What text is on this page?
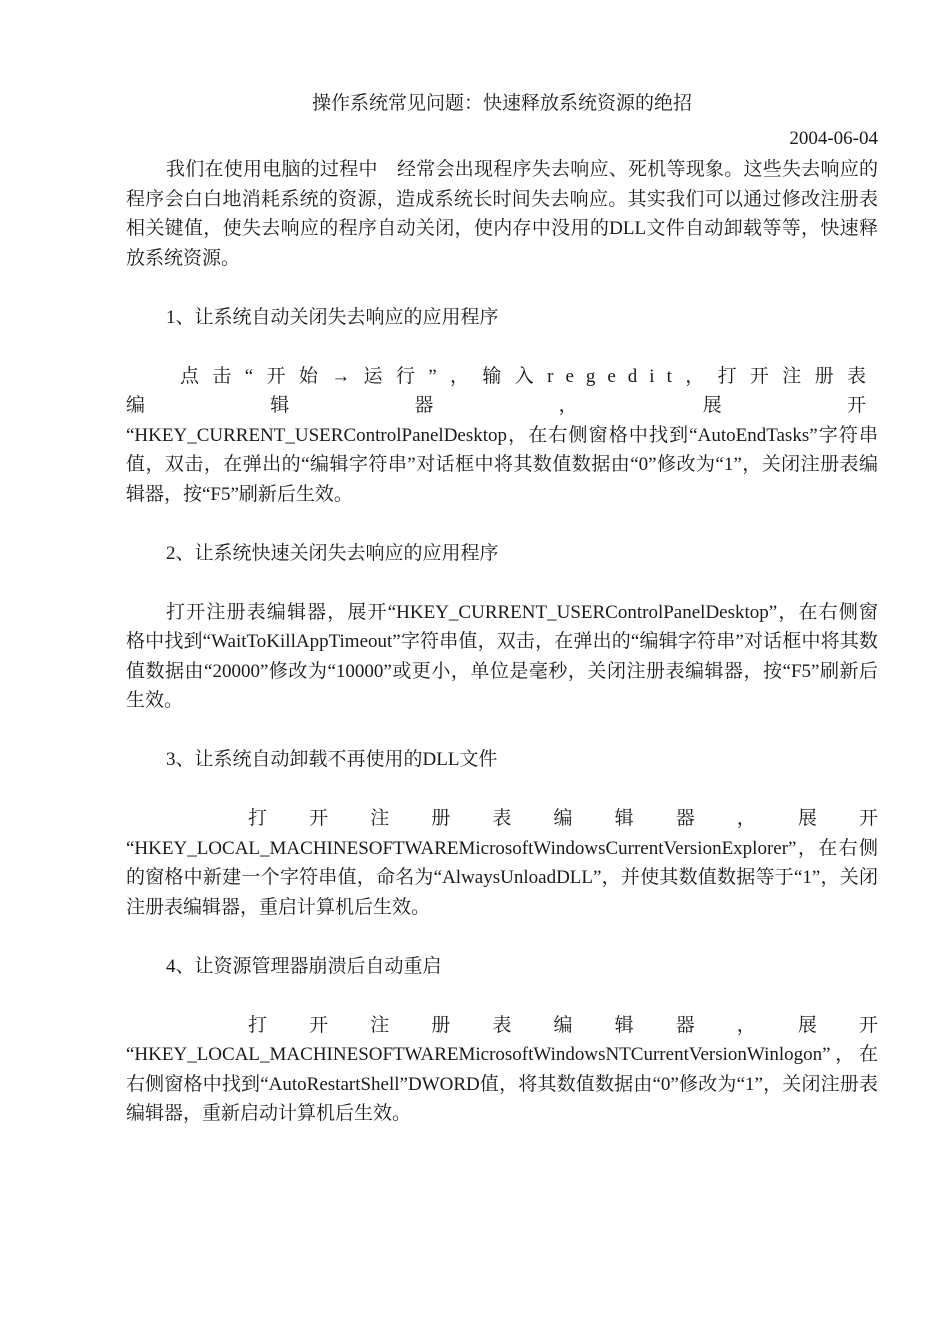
操作系统常见问题：快速释放系统资源的绝招

2004-06-04

我们在使用电脑的过程中　经常会出现程序失去响应、死机等现象。这些失去响应的程序会白白地消耗系统的资源，造成系统长时间失去响应。其实我们可以通过修改注册表相关键值，使失去响应的程序自动关闭，使内存中没用的DLL文件自动卸载等等，快速释放系统资源。

1、让系统自动关闭失去响应的应用程序

点击“开始→运行”，输入regedit，打开注册表编辑器，展开

“HKEY_CURRENT_USERControlPanelDesktop，在右侧窗格中找到“AutoEndTasks”字符串值，双击，在弹出的“编辑字符串”对话框中将其数值数据由“0”修改为“1”，关闭注册表编辑器，按“F5”刷新后生效。

2、让系统快速关闭失去响应的应用程序

打开注册表编辑器，展开“HKEY_CURRENT_USERControlPanelDesktop”，在右侧窗格中找到“WaitToKillAppTimeout”字符串值，双击，在弹出的“编辑字符串”对话框中将其数值数据由“20000”修改为“10000”或更小，单位是毫秒，关闭注册表编辑器，按“F5”刷新后生效。

3、让系统自动卸载不再使用的DLL文件

打开注册表编辑器，展开

“HKEY_LOCAL_MACHINESOFTWAREMicrosoftWindowsCurrentVersionExplorer”，在右侧的窗格中新建一个字符串值，命名为“AlwaysUnloadDLL”，并使其数值数据等于“1”，关闭注册表编辑器，重启计算机后生效。

4、让资源管理器崩溃后自动重启

打开注册表编辑器，展开

“HKEY_LOCAL_MACHINESOFTWAREMicrosoftWindowsNTCurrentVersionWinlogon”，在右侧窗格中找到“AutoRestartShell”DWORD值，将其数值数据由“0”修改为“1”，关闭注册表编辑器，重新启动计算机后生效。
